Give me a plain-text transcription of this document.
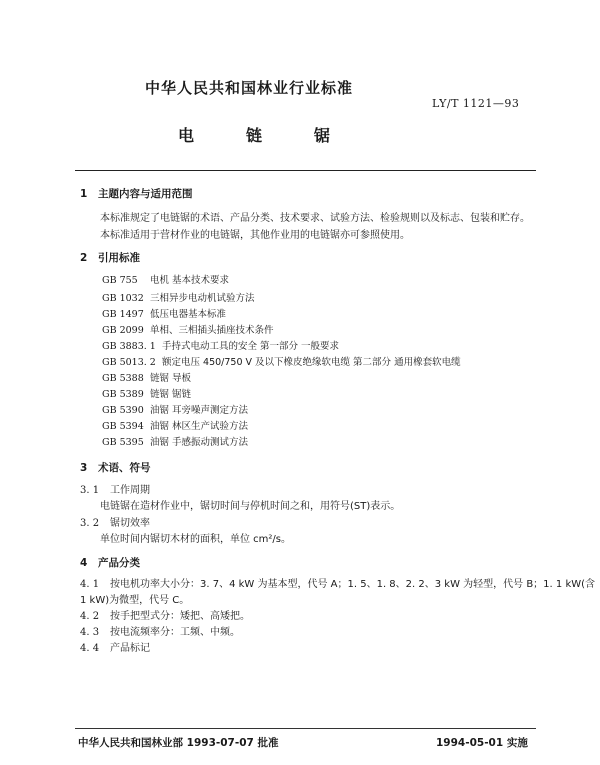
中华人民共和国林业行业标准
LY/T 1121—93
电	链	锯
1 主题内容与适用范围
本标准规定了电链锯的术语、产品分类、技术要求、试验方法、检验规则以及标志、包装和贮存。
本标准适用于营材作业的电链锯，其他作业用的电链锯亦可参照使用。
2 引用标准
GB 755 电机 基本技术要求
GB 1032 三相异步电动机试验方法
GB 1497 低压电器基本标准
GB 2099 单相、三相插头插座技术条件
GB 3883. 1 手持式电动工具的安全 第一部分 一般要求
GB 5013. 2 额定电压 450/750 V 及以下橡皮绝缘软电缆 第二部分 通用橡套软电缆
GB 5388 链锯 导板
GB 5389 链锯 锯链
GB 5390 油锯 耳旁噪声测定方法
GB 5394 油锯 林区生产试验方法
GB 5395 油锯 手感振动测试方法
3 术语、符号
3. 1 工作周期
电链锯在造材作业中，锯切时间与停机时间之和，用符号(ST)表示。
3. 2 锯切效率
单位时间内锯切木材的面积，单位 cm²/s。
4 产品分类
4. 1 按电机功率大小分：3. 7、4 kW 为基本型，代号 A；1. 5、1. 8、2. 2、3 kW 为轻型，代号 B；1. 1 kW(含
1 kW)为微型，代号 C。
4. 2 按手把型式分：矮把、高矮把。
4. 3 按电流频率分：工频、中频。
4. 4 产品标记
中华人民共和国林业部 1993-07-07 批准	1994-05-01 实施
